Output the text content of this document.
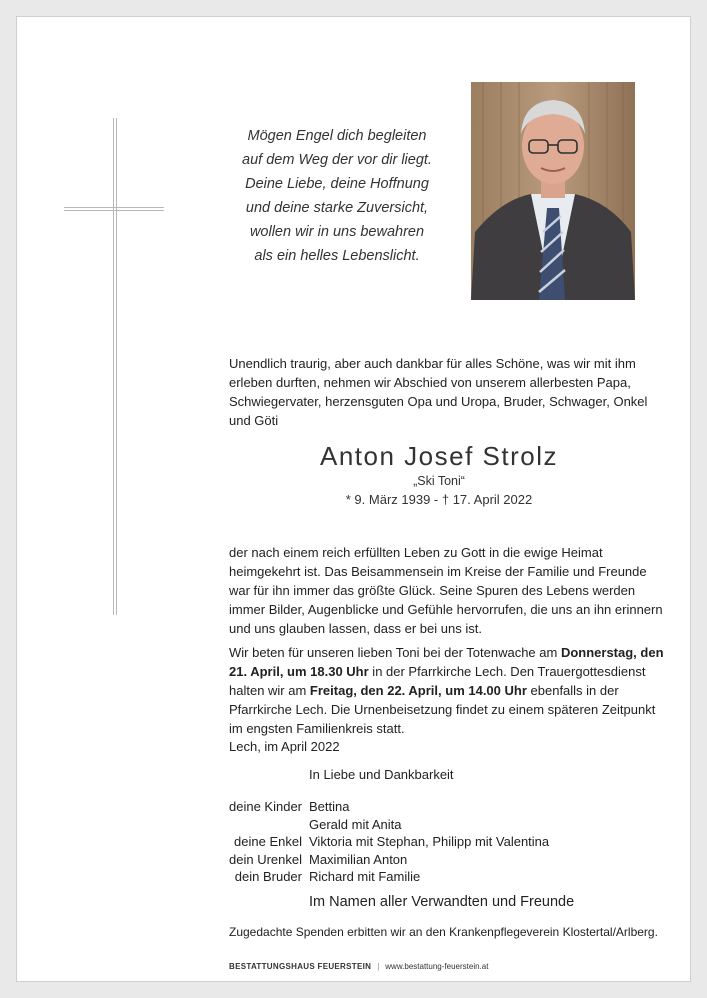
Mögen Engel dich begleiten
auf dem Weg der vor dir liegt.
Deine Liebe, deine Hoffnung
und deine starke Zuversicht,
wollen wir in uns bewahren
als ein helles Lebenslicht.
Unendlich traurig, aber auch dankbar für alles Schöne, was wir mit ihm erleben durften, nehmen wir Abschied von unserem allerbesten Papa, Schwiegervater, herzensguten Opa und Uropa, Bruder, Schwager, Onkel und Göti
Anton Josef Strolz
„Ski Toni“
* 9. März 1939 - † 17. April 2022
der nach einem reich erfüllten Leben zu Gott in die ewige Heimat heimgekehrt ist. Das Beisammensein im Kreise der Familie und Freunde war für ihn immer das größte Glück. Seine Spuren des Lebens werden immer Bilder, Augenblicke und Gefühle hervorrufen, die uns an ihn erinnern und uns glauben lassen, dass er bei uns ist.
Wir beten für unseren lieben Toni bei der Totenwache am Donnerstag, den 21. April, um 18.30 Uhr in der Pfarrkirche Lech. Den Trauergottesdienst halten wir am Freitag, den 22. April, um 14.00 Uhr ebenfalls in der Pfarrkirche Lech. Die Urnenbeisetzung findet zu einem späteren Zeitpunkt im engsten Familienkreis statt.
Lech, im April 2022
In Liebe und Dankbarkeit
deine Kinder Bettina
Gerald mit Anita
deine Enkel Viktoria mit Stephan, Philipp mit Valentina
dein Urenkel Maximilian Anton
dein Bruder Richard mit Familie
Im Namen aller Verwandten und Freunde
Zugedachte Spenden erbitten wir an den Krankenpflegeverein Klostertal/Arlberg.
BESTATTUNGSHAUS FEUERSTEIN | www.bestattung-feuerstein.at
